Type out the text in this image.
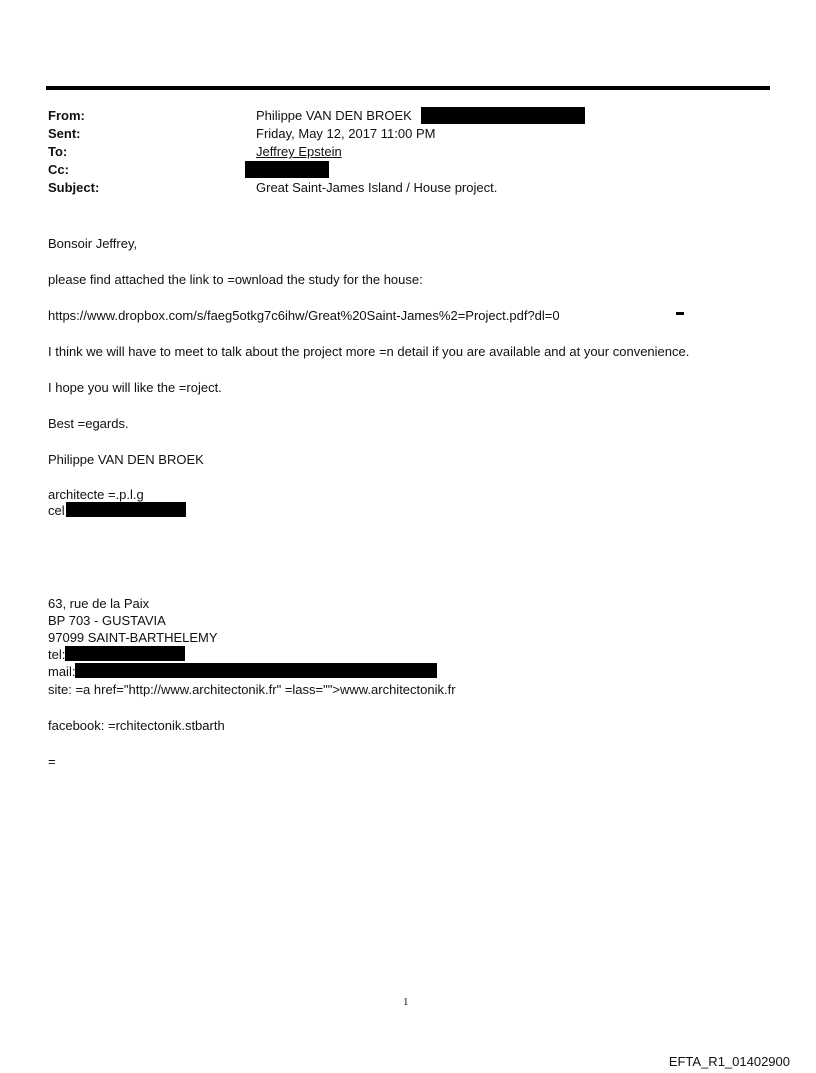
From:	Philippe VAN DEN BROEK
Sent:	Friday, May 12, 2017 11:00 PM
To:	Jeffrey Epstein
Cc:
Subject:	Great Saint-James Island / House project.
Bonsoir Jeffrey,
please find attached the link to =ownload the study for the house:
https://www.dropbox.com/s/faeg5otkg7c6ihw/Great%20Saint-James%2=Project.pdf?dl=0
I think we will have to meet to talk about the project more =n detail if you are available and at your convenience.
I hope you will like the =roject.
Best =egards.
Philippe VAN DEN BROEK
architecte =.p.l.g
cel
63, rue de la Paix
BP 703 - GUSTAVIA
97099 SAINT-BARTHELEMY
tel:
mail:
site: =a href="http://www.architectonik.fr" =lass="">www.architectonik.fr
facebook: =rchitectonik.stbarth
=
1
EFTA_R1_01402900
